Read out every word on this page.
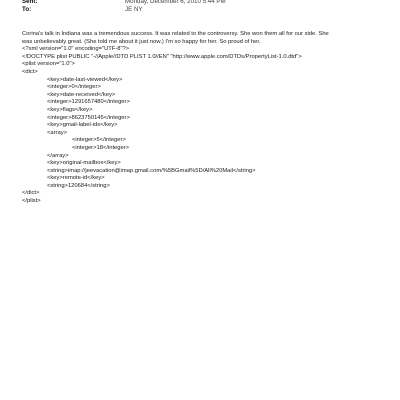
Sent:	Monday, December 6, 2010 5:44 PM
To:	JE NY

Corina's talk in Indiana was a tremendous success. It was related to the controversy. She won them all for our side. She

was unbelievably great. (She told me about it just now.) I'm so happy for her. So proud of her.

<?xml version="1.0" encoding="UTF-8"?>

<!DOCTYPE plist PUBLIC "-//Apple//DTD PLIST 1.0//EN" "http://www.apple.com/DTDs/PropertyList-1.0.dtd">

<plist version="1.0">

<dict>

<key>date-last-viewed</key>

<integer>0</integer>

<key>date-received</key>

<integer>1291657480</integer>

<key>flags</key>

<integer>8623750145</integer>

<key>gmail-label-ids</key>

<array>

<integer>5</integer>

<integer>18</integer>

</array>

<key>original-mailbox</key>

<string>imap://jeevacation@imap.gmail.com/%5BGmail%5D/All%20Mail</string>

<key>remote-id</key>

<string>120684</string>

</dict>

</plist>
